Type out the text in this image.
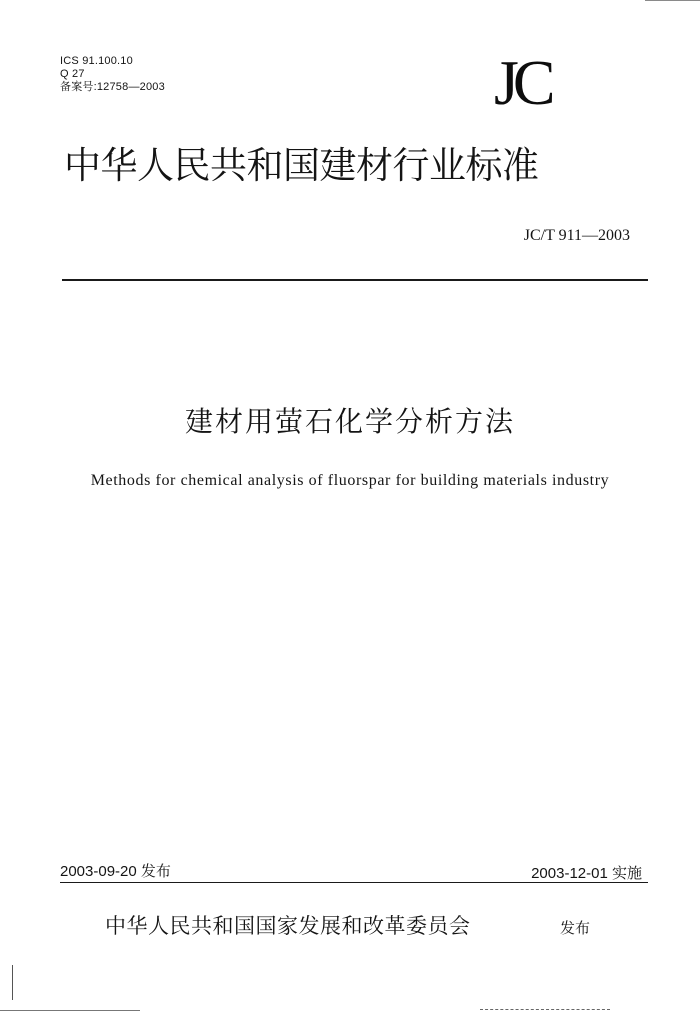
ICS 91.100.10
Q 27
备案号:12758—2003	JC
中华人民共和国建材行业标准
JC/T 911—2003
建材用萤石化学分析方法
Methods for chemical analysis of fluorspar for building materials industry
2003-09-20 发布	2003-12-01 实施
中华人民共和国国家发展和改革委员会	发布
